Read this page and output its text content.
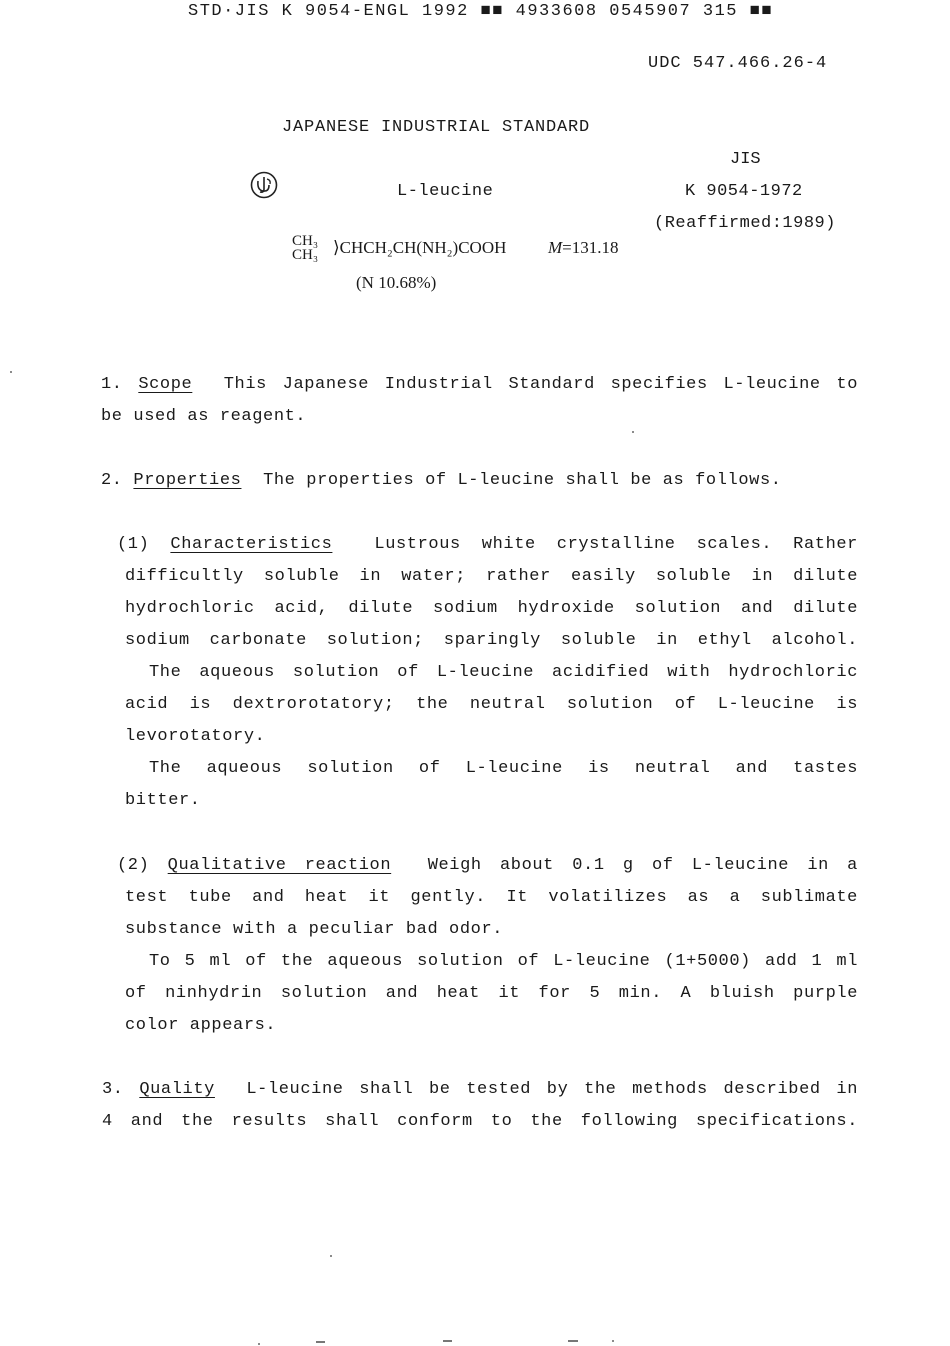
STD·JIS K 9054-ENGL 1992 ■■ 4933608 0545907 315 ■■
UDC 547.466.26-4
JAPANESE INDUSTRIAL STANDARD
JIS
K 9054-1972
(Reaffirmed:1989)
L-leucine
CH₃
CH₃ ⟩CHCH₂CH(NH₂)COOH M=131.18
(N 10.68%)
1. Scope This Japanese Industrial Standard specifies L-leucine to
be used as reagent.
2. Properties The properties of L-leucine shall be as follows.
(1) Characteristics Lustrous white crystalline scales. Rather
difficultly soluble in water; rather easily soluble in dilute
hydrochloric acid, dilute sodium hydroxide solution and dilute
sodium carbonate solution; sparingly soluble in ethyl alcohol.
The aqueous solution of L-leucine acidified with hydrochloric
acid is dextrorotatory; the neutral solution of L-leucine is
levorotatory.
The aqueous solution of L-leucine is neutral and tastes
bitter.
(2) Qualitative reaction Weigh about 0.1 g of L-leucine in a
test tube and heat it gently. It volatilizes as a sublimate
substance with a peculiar bad odor.
To 5 ml of the aqueous solution of L-leucine (1+5000) add 1 ml
of ninhydrin solution and heat it for 5 min. A bluish purple
color appears.
3. Quality L-leucine shall be tested by the methods described in
4 and the results shall conform to the following specifications.
